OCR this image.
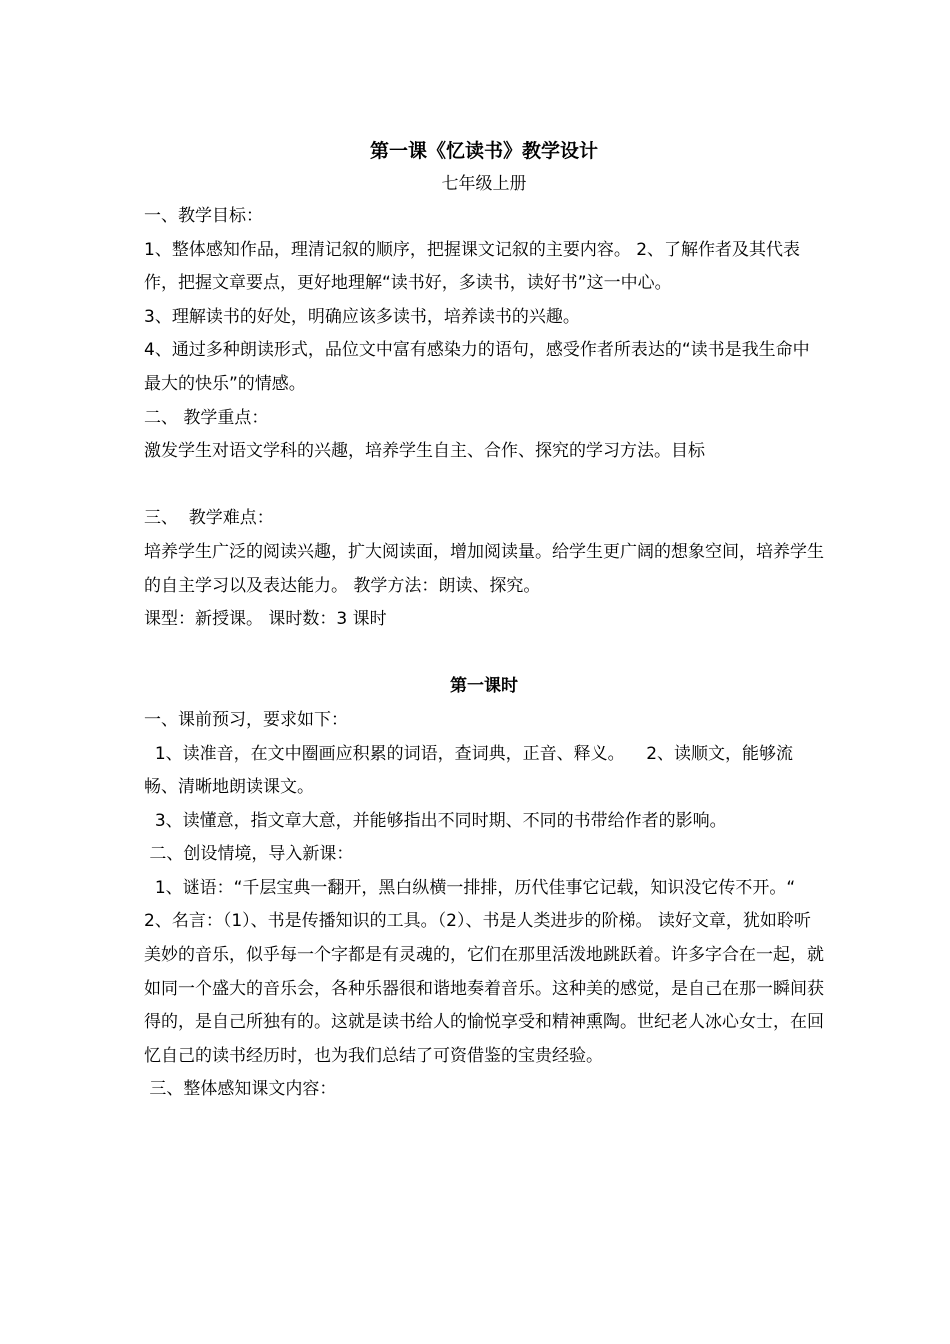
第一课《忆读书》教学设计
七年级上册
一、教学目标：
1、整体感知作品，理清记叙的顺序，把握课文记叙的主要内容。 2、了解作者及其代表作，把握文章要点，更好地理解“读书好，多读书，读好书”这一中心。
3、理解读书的好处，明确应该多读书，培养读书的兴趣。
4、通过多种朗读形式，品位文中富有感染力的语句，感受作者所表达的“读书是我生命中最大的快乐”的情感。
二、 教学重点：
激发学生对语文学科的兴趣，培养学生自主、合作、探究的学习方法。目标
三、  教学难点：
培养学生广泛的阅读兴趣，扩大阅读面，增加阅读量。给学生更广阔的想象空间，培养学生的自主学习以及表达能力。 教学方法：朗读、探究。
课型：新授课。 课时数：3 课时
第一课时
一、课前预习，要求如下：
1、读准音，在文中圈画应积累的词语，查词典，正音、释义。    2、读顺文，能够流畅、清晰地朗读课文。
3、读懂意，指文章大意，并能够指出不同时期、不同的书带给作者的影响。
二、创设情境，导入新课：
1、谜语：“千层宝典一翻开，黑白纵横一排排，历代佳事它记载，知识没它传不开。“
2、名言：（1）、书是传播知识的工具。（2）、书是人类进步的阶梯。 读好文章，犹如聆听美妙的音乐，似乎每一个字都是有灵魂的，它们在那里活泼地跳跃着。许多字合在一起，就如同一个盛大的音乐会，各种乐器很和谐地奏着音乐。这种美的感觉，是自己在那一瞬间获得的，是自己所独有的。这就是读书给人的愉悦享受和精神熏陶。世纪老人冰心女士，在回忆自己的读书经历时，也为我们总结了可资借鉴的宝贵经验。
三、整体感知课文内容：
